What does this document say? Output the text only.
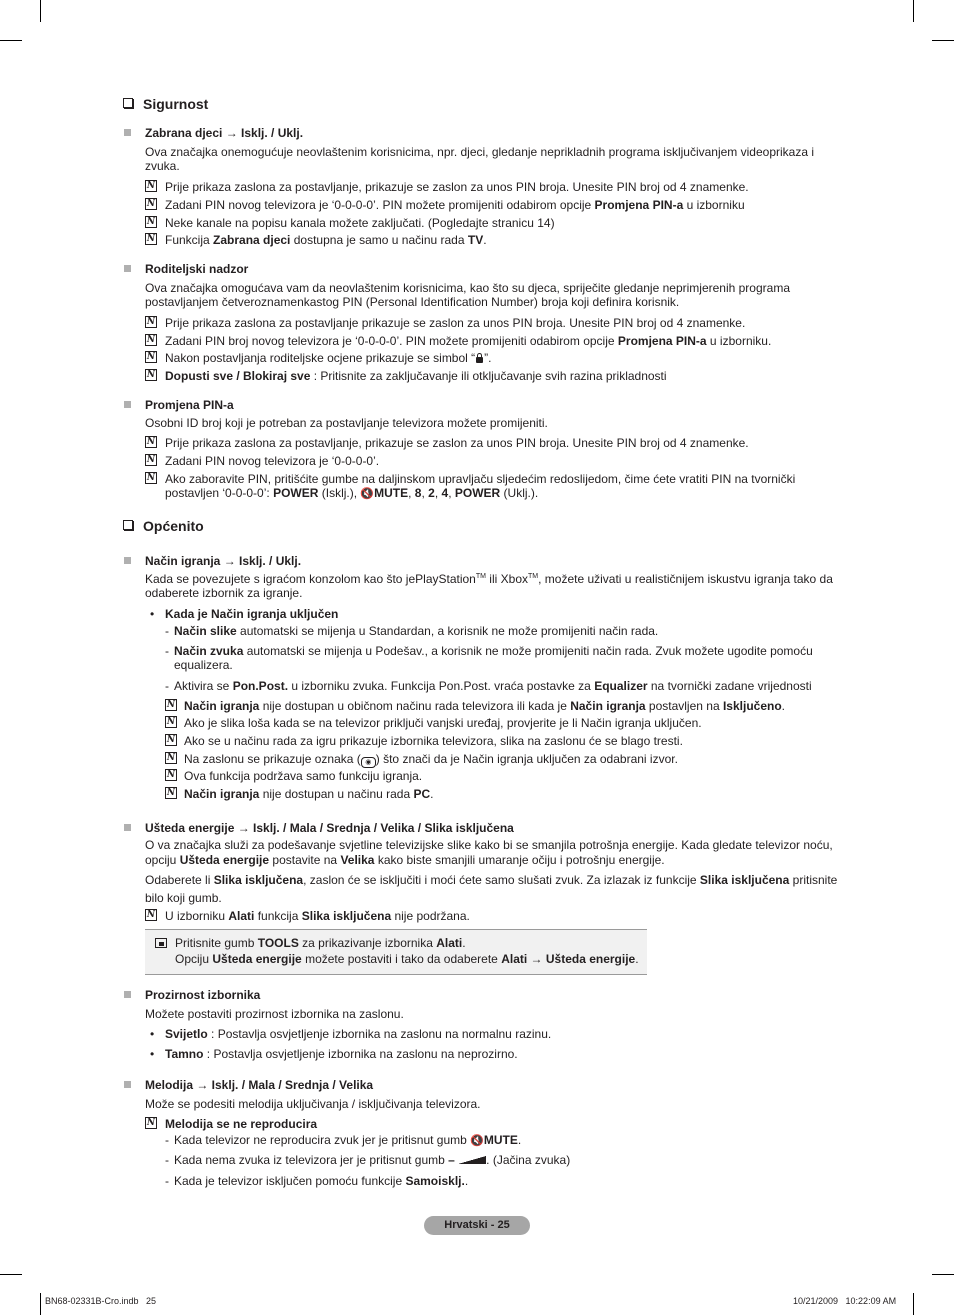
Sigurnost
Zabrana djeci → Isklj. / Uklj.
Ova značajka onemogućuje neovlaštenim korisnicima, npr. djeci, gledanje neprikladnih programa isključivanjem videoprikaza i zvuka.
N Prije prikaza zaslona za postavljanje, prikazuje se zaslon za unos PIN broja. Unesite PIN broj od 4 znamenke.
N Zadani PIN novog televizora je ‘0-0-0-0’. PIN možete promijeniti odabirom opcije Promjena PIN-a u izborniku
N Neke kanale na popisu kanala možete zaključati. (Pogledajte stranicu 14)
N Funkcija Zabrana djeci dostupna je samo u načinu rada TV.
Roditeljski nadzor
Ova značajka omogućava vam da neovlaštenim korisnicima, kao što su djeca, spriječite gledanje neprimjerenih programa postavljanjem četveroznamenkastog PIN (Personal Identification Number) broja koji definira korisnik.
N Prije prikaza zaslona za postavljanje prikazuje se zaslon za unos PIN broja. Unesite PIN broj od 4 znamenke.
N Zadani PIN broj novog televizora je ‘0-0-0-0’. PIN možete promijeniti odabirom opcije Promjena PIN-a u izborniku.
N Nakon postavljanja roditeljske ocjene prikazuje se simbol “ ”.
N Dopusti sve / Blokiraj sve : Pritisnite za zaključavanje ili otključavanje svih razina prikladnosti
Promjena PIN-a
Osobni ID broj koji je potreban za postavljanje televizora možete promijeniti.
N Prije prikaza zaslona za postavljanje, prikazuje se zaslon za unos PIN broja. Unesite PIN broj od 4 znamenke.
N Zadani PIN novog televizora je ‘0-0-0-0’.
N Ako zaboravite PIN, pritišćite gumbe na daljinskom upravljaču sljedećim redoslijedom, čime ćete vratiti PIN na tvornički postavljen ‘0-0-0-0’: POWER (Isklj.), 🔇MUTE, 8, 2, 4, POWER (Uklj.).
Općenito
Način igranja → Isklj. / Uklj.
Kada se povezujete s igraćom konzolom kao što jePlayStation™ ili Xbox™, možete uživati u realističnijem iskustvu igranja tako da odaberete izbornik za igranje.
• Kada je Način igranja uključen
- Način slike automatski se mijenja u Standardan, a korisnik ne može promijeniti način rada.
- Način zvuka automatski se mijenja u Podešav., a korisnik ne može promijeniti način rada. Zvuk možete ugodite pomoću equalizera.
- Aktivira se Pon.Post. u izborniku zvuka. Funkcija Pon.Post. vraća postavke za Equalizer na tvornički zadane vrijednosti
N Način igranja nije dostupan u običnom načinu rada televizora ili kada je Način igranja postavljen na Isključeno.
N Ako je slika loša kada se na televizor priključi vanjski uređaj, provjerite je li Način igranja uključen.
N Ako se u načinu rada za igru prikazuje izbornika televizora, slika na zaslonu će se blago tresti.
N Na zaslonu se prikazuje oznaka ( ◉ ) što znači da je Način igranja uključen za odabrani izvor.
N Ova funkcija podržava samo funkciju igranja.
N Način igranja nije dostupan u načinu rada PC.
Ušteda energije → Isklj. / Mala / Srednja / Velika / Slika isključena
O va značajka služi za podešavanje svjetline televizijske slike kako bi se smanjila potrošnja energije. Kada gledate televizor noću, opciju Ušteda energije postavite na Velika kako biste smanjili umaranje očiju i potrošnju energije.
Odaberete li Slika isključena, zaslon će se isključiti i moći ćete samo slušati zvuk. Za izlazak iz funkcije Slika isključena pritisnite bilo koji gumb.
N U izborniku Alati funkcija Slika isključena nije podržana.
Pritisnite gumb TOOLS za prikazivanje izbornika Alati.
Opciju Ušteda energije možete postaviti i tako da odaberete Alati → Ušteda energije.
Prozirnost izbornika
Možete postaviti prozirnost izbornika na zaslonu.
• Svijetlo : Postavlja osvjetljenje izbornika na zaslonu na normalnu razinu.
• Tamno : Postavlja osvjetljenje izbornika na zaslonu na neprozirno.
Melodija → Isklj. / Mala / Srednja / Velika
Može se podesiti melodija uključivanja / isključivanja televizora.
N Melodija se ne reproducira
- Kada televizor ne reproducira zvuk jer je pritisnut gumb 🔇MUTE.
- Kada nema zvuka iz televizora jer je pritisnut gumb –	. (Jačina zvuka)
- Kada je televizor isključen pomoću funkcije Samoisklj..
Hrvatski - 25
BN68-02331B-Cro.indb   25	10/21/2009   10:22:09 AM
